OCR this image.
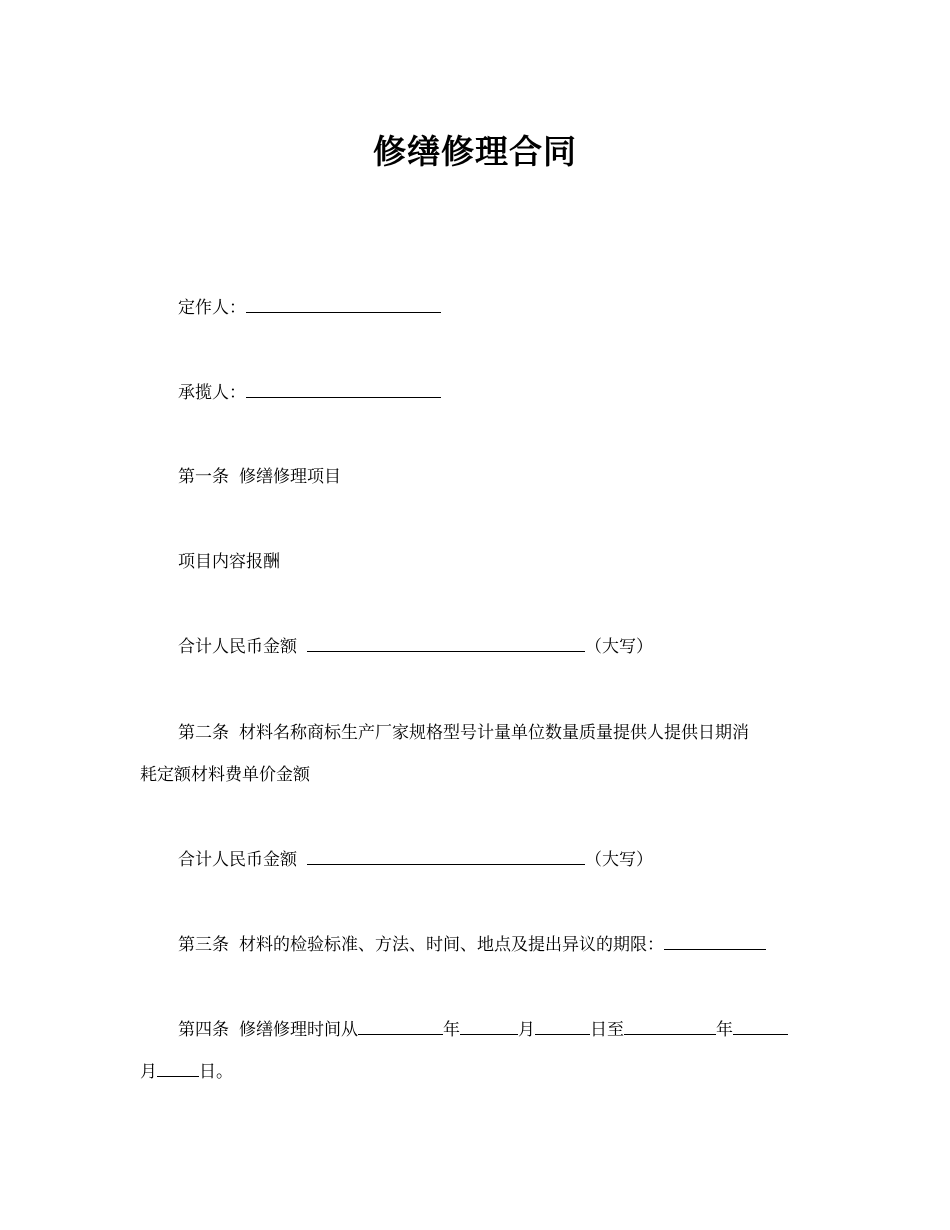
修缮修理合同
定作人：
承揽人：
第一条 修缮修理项目
项目内容报酬
合计人民币金额	（大写）
第二条 材料名称商标生产厂家规格型号计量单位数量质量提供人提供日期消
耗定额材料费单价金额
合计人民币金额	（大写）
第三条 材料的检验标准、方法、时间、地点及提出异议的期限：
第四条 修缮修理时间从	年	月	日至	年
月 日。
